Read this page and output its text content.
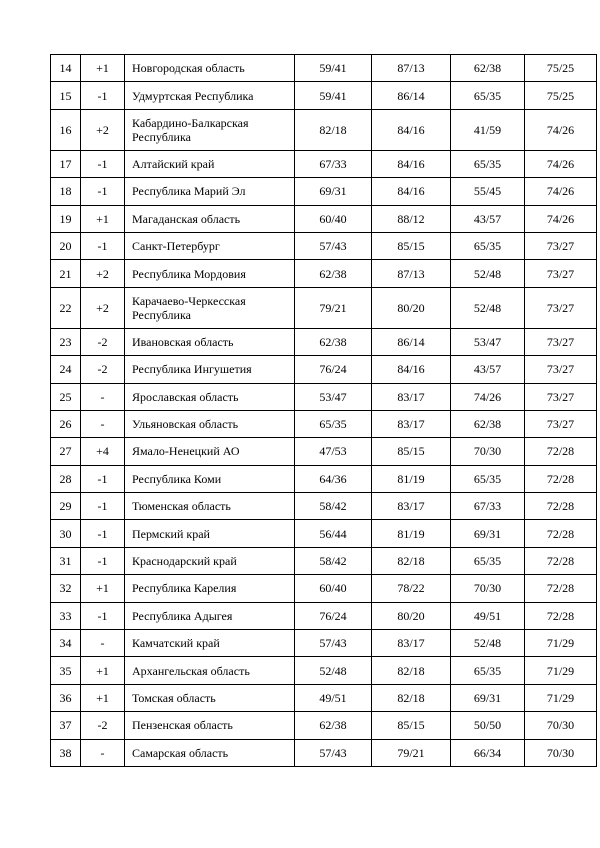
14	+1	Новгородская область	59/41	87/13	62/38	75/25
15	-1	Удмуртская Республика	59/41	86/14	65/35	75/25
16	+2	Кабардино-Балкарская Республика	82/18	84/16	41/59	74/26
17	-1	Алтайский край	67/33	84/16	65/35	74/26
18	-1	Республика Марий Эл	69/31	84/16	55/45	74/26
19	+1	Магаданская область	60/40	88/12	43/57	74/26
20	-1	Санкт-Петербург	57/43	85/15	65/35	73/27
21	+2	Республика Мордовия	62/38	87/13	52/48	73/27
22	+2	Карачаево-Черкесская Республика	79/21	80/20	52/48	73/27
23	-2	Ивановская область	62/38	86/14	53/47	73/27
24	-2	Республика Ингушетия	76/24	84/16	43/57	73/27
25	-	Ярославская область	53/47	83/17	74/26	73/27
26	-	Ульяновская область	65/35	83/17	62/38	73/27
27	+4	Ямало-Ненецкий АО	47/53	85/15	70/30	72/28
28	-1	Республика Коми	64/36	81/19	65/35	72/28
29	-1	Тюменская область	58/42	83/17	67/33	72/28
30	-1	Пермский край	56/44	81/19	69/31	72/28
31	-1	Краснодарский край	58/42	82/18	65/35	72/28
32	+1	Республика Карелия	60/40	78/22	70/30	72/28
33	-1	Республика Адыгея	76/24	80/20	49/51	72/28
34	-	Камчатский край	57/43	83/17	52/48	71/29
35	+1	Архангельская область	52/48	82/18	65/35	71/29
36	+1	Томская область	49/51	82/18	69/31	71/29
37	-2	Пензенская область	62/38	85/15	50/50	70/30
38	-	Самарская область	57/43	79/21	66/34	70/30
